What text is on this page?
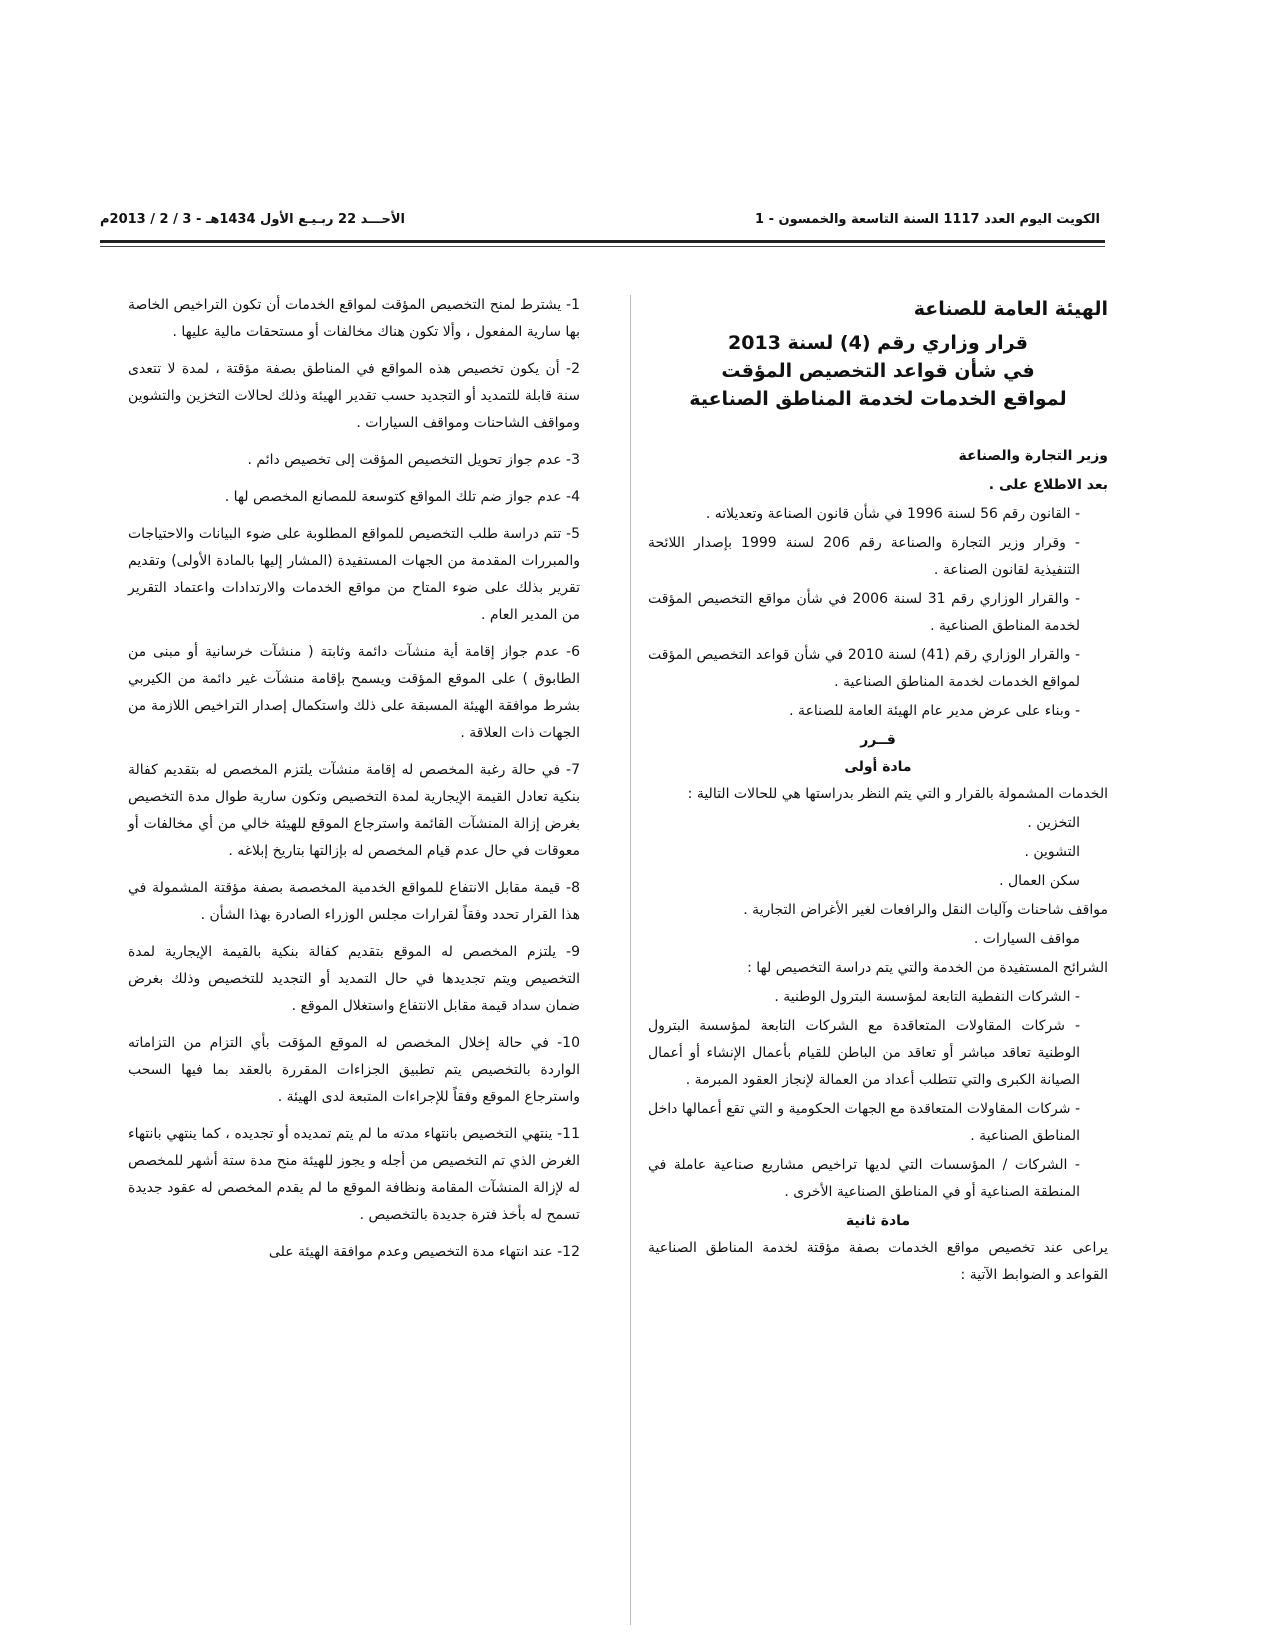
الأحـــد 22 ربـيـع الأول 1434هـ - 3 / 2 / 2013م	الكويت اليوم العدد 1117 السنة التاسعة والخمسون - 1
الهيئة العامة للصناعة
قرار وزاري رقم (4) لسنة 2013
في شأن قواعد التخصيص المؤقت
لمواقع الخدمات لخدمة المناطق الصناعية

وزير التجارة والصناعة

بعد الاطلاع على .

- القانون رقم 56 لسنة 1996 في شأن قانون الصناعة وتعديلاته .

- وقرار وزير التجارة والصناعة رقم 206 لسنة 1999 بإصدار اللائحة التنفيذية لقانون الصناعة .

- والقرار الوزاري رقم 31 لسنة 2006 في شأن مواقع التخصيص المؤقت لخدمة المناطق الصناعية .

- والقرار الوزاري رقم (41) لسنة 2010 في شأن قواعد التخصيص المؤقت لمواقع الخدمات لخدمة المناطق الصناعية .

- وبناء على عرض مدير عام الهيئة العامة للصناعة .

قــرر

مادة أولى

الخدمات المشمولة بالقرار و التي يتم النظر بدراستها هي للحالات التالية :

التخزين .

التشوين .

سكن العمال .

مواقف شاحنات وآليات النقل والرافعات لغير الأغراض التجارية .

مواقف السيارات .

الشرائح المستفيدة من الخدمة والتي يتم دراسة التخصيص لها :

- الشركات النفطية التابعة لمؤسسة البترول الوطنية .

- شركات المقاولات المتعاقدة مع الشركات التابعة لمؤسسة البترول الوطنية تعاقد مباشر أو تعاقد من الباطن للقيام بأعمال الإنشاء أو أعمال الصيانة الكبرى والتي تتطلب أعداد من العمالة لإنجاز العقود المبرمة .

- شركات المقاولات المتعاقدة مع الجهات الحكومية و التي تقع أعمالها داخل المناطق الصناعية .

- الشركات / المؤسسات التي لديها تراخيص مشاريع صناعية عاملة في المنطقة الصناعية أو في المناطق الصناعية الأخرى .

مادة ثانية

يراعى عند تخصيص مواقع الخدمات بصفة مؤقتة لخدمة المناطق الصناعية القواعد و الضوابط الآتية :

1- يشترط لمنح التخصيص المؤقت لمواقع الخدمات أن تكون التراخيص الخاصة بها سارية المفعول ، وألا تكون هناك مخالفات أو مستحقات مالية عليها .

2- أن يكون تخصيص هذه المواقع في المناطق بصفة مؤقتة ، لمدة لا تتعدى سنة قابلة للتمديد أو التجديد حسب تقدير الهيئة وذلك لحالات التخزين والتشوين ومواقف الشاحنات ومواقف السيارات .

3- عدم جواز تحويل التخصيص المؤقت إلى تخصيص دائم .

4- عدم جواز ضم تلك المواقع كتوسعة للمصانع المخصص لها .

5- تتم دراسة طلب التخصيص للمواقع المطلوبة على ضوء البيانات والاحتياجات والمبررات المقدمة من الجهات المستفيدة (المشار إليها بالمادة الأولى) وتقديم تقرير بذلك على ضوء المتاح من مواقع الخدمات والارتدادات واعتماد التقرير من المدير العام .

6- عدم جواز إقامة أية منشآت دائمة وثابتة ( منشآت خرسانية أو مبنى من الطابوق ) على الموقع المؤقت ويسمح بإقامة منشآت غير دائمة من الكيربي بشرط موافقة الهيئة المسبقة على ذلك واستكمال إصدار التراخيص اللازمة من الجهات ذات العلاقة .

7- في حالة رغبة المخصص له إقامة منشآت يلتزم المخصص له بتقديم كفالة بنكية تعادل القيمة الإيجارية لمدة التخصيص وتكون سارية طوال مدة التخصيص بغرض إزالة المنشآت القائمة واسترجاع الموقع للهيئة خالي من أي مخالفات أو معوقات في حال عدم قيام المخصص له بإزالتها بتاريخ إبلاغه .

8- قيمة مقابل الانتفاع للمواقع الخدمية المخصصة بصفة مؤقتة المشمولة في هذا القرار تحدد وفقاً لقرارات مجلس الوزراء الصادرة بهذا الشأن .

9- يلتزم المخصص له الموقع بتقديم كفالة بنكية بالقيمة الإيجارية لمدة التخصيص ويتم تجديدها في حال التمديد أو التجديد للتخصيص وذلك بغرض ضمان سداد قيمة مقابل الانتفاع واستغلال الموقع .

10- في حالة إخلال المخصص له الموقع المؤقت بأي التزام من التزاماته الواردة بالتخصيص يتم تطبيق الجزاءات المقررة بالعقد بما فيها السحب واسترجاع الموقع وفقاً للإجراءات المتبعة لدى الهيئة .

11- ينتهي التخصيص بانتهاء مدته ما لم يتم تمديده أو تجديده ، كما ينتهي بانتهاء الغرض الذي تم التخصيص من أجله و يجوز للهيئة منح مدة ستة أشهر للمخصص له لإزالة المنشآت المقامة ونظافة الموقع ما لم يقدم المخصص له عقود جديدة تسمح له بأخذ فترة جديدة بالتخصيص .

12- عند انتهاء مدة التخصيص وعدم موافقة الهيئة على
